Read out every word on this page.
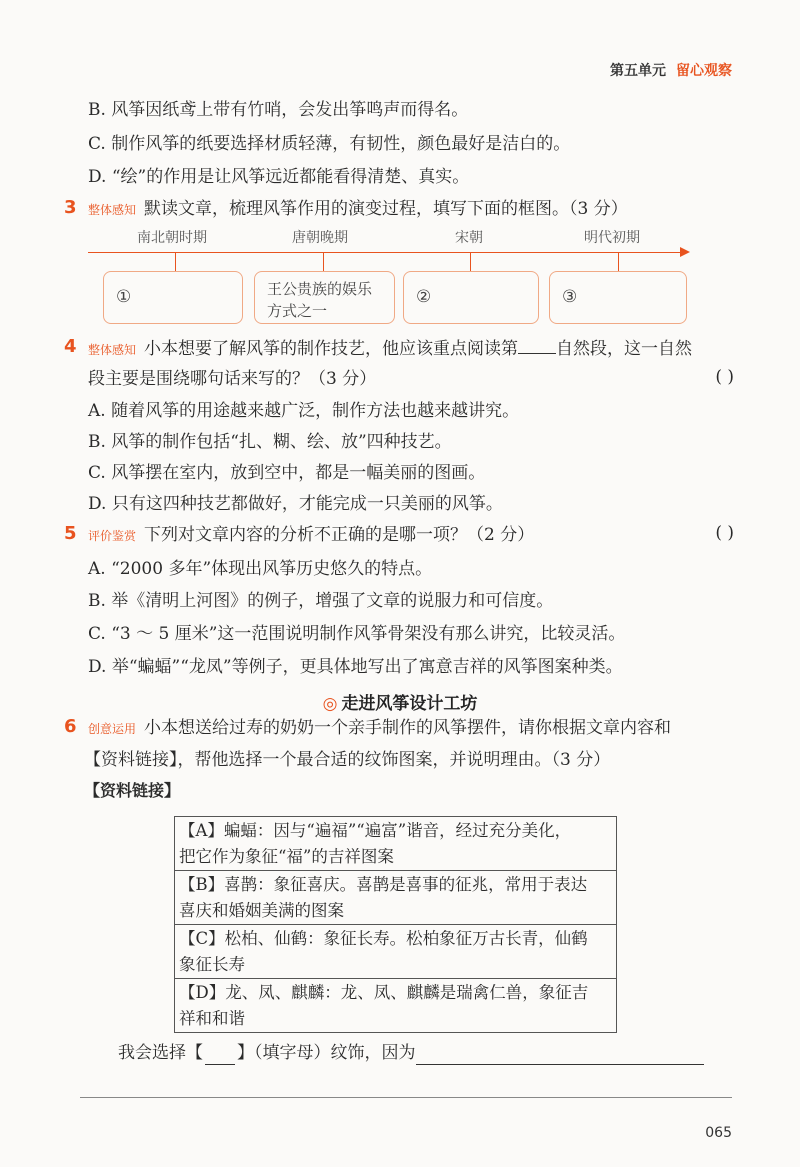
第五单元 留心观察
B. 风筝因纸鸢上带有竹哨，会发出筝鸣声而得名。
C. 制作风筝的纸要选择材质轻薄，有韧性，颜色最好是洁白的。
D. “绘”的作用是让风筝远近都能看得清楚、真实。
3 整体感知 默读文章，梳理风筝作用的演变过程，填写下面的框图。（3 分）
南北朝时期	唐朝晚期	宋朝	明代初期
①	王公贵族的娱乐方式之一
②	③
4 整体感知 小本想要了解风筝的制作技艺，他应该重点阅读第 自然段，这一自然
段主要是围绕哪句话来写的？（3 分）	( )
A. 随着风筝的用途越来越广泛，制作方法也越来越讲究。
B. 风筝的制作包括“扎、糊、绘、放”四种技艺。
C. 风筝摆在室内，放到空中，都是一幅美丽的图画。
D. 只有这四种技艺都做好，才能完成一只美丽的风筝。
5 评价鉴赏 下列对文章内容的分析不正确的是哪一项？（2 分）	( )
A. “2000 多年”体现出风筝历史悠久的特点。
B. 举《清明上河图》的例子，增强了文章的说服力和可信度。
C. “3 ～ 5 厘米”这一范围说明制作风筝骨架没有那么讲究，比较灵活。
D. 举“蝙蝠”“龙凤”等例子，更具体地写出了寓意吉祥的风筝图案种类。
◎ 走进风筝设计工坊
6 创意运用 小本想送给过寿的奶奶一个亲手制作的风筝摆件，请你根据文章内容和
【资料链接】，帮他选择一个最合适的纹饰图案，并说明理由。（3 分）
【资料链接】
【A】蝙蝠：因与“遍福”“遍富”谐音，经过充分美化，
把它作为象征“福”的吉祥图案

【B】喜鹊：象征喜庆。喜鹊是喜事的征兆，常用于表达
喜庆和婚姻美满的图案

【C】松柏、仙鹤：象征长寿。松柏象征万古长青，仙鹤
象征长寿

【D】龙、凤、麒麟：龙、凤、麒麟是瑞禽仁兽，象征吉
祥和和谐
我会选择【 】（填字母）纹饰，因为
065
